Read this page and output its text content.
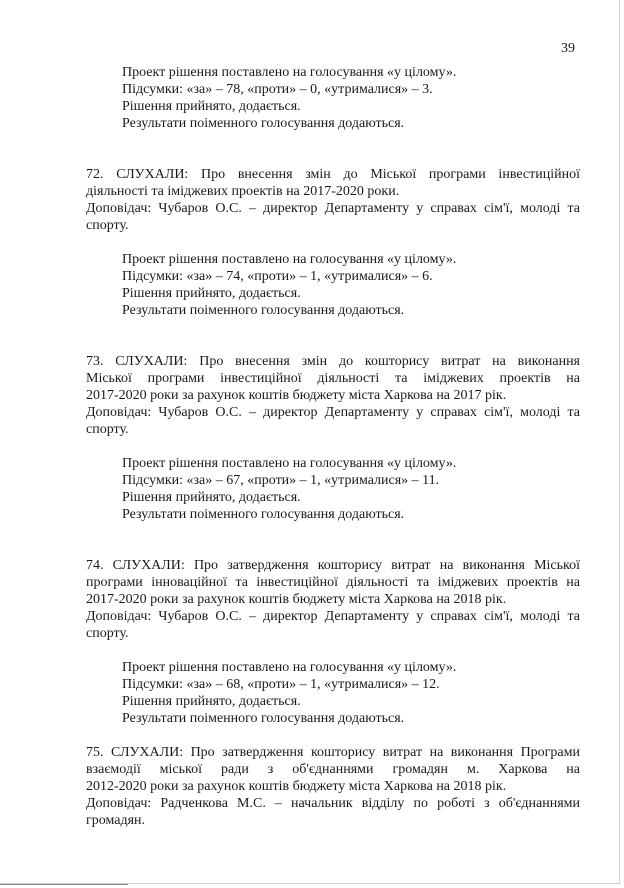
39
Проект рішення поставлено на голосування «у цілому».
Підсумки: «за» – 78, «проти» – 0, «утрималися» – 3.
Рішення прийнято, додається.
Результати поіменного голосування додаються.
72. СЛУХАЛИ: Про внесення змін до Міської програми інвестиційної
діяльності та іміджевих проектів на 2017-2020 роки.
Доповідач: Чубаров О.С. – директор Департаменту у справах сім'ї, молоді та
спорту.
Проект рішення поставлено на голосування «у цілому».
Підсумки: «за» – 74, «проти» – 1, «утрималися» – 6.
Рішення прийнято, додається.
Результати поіменного голосування додаються.
73. СЛУХАЛИ: Про внесення змін до кошторису витрат на виконання
Міської програми інвестиційної діяльності та іміджевих проектів на
2017-2020 роки за рахунок коштів бюджету міста Харкова на 2017 рік.
Доповідач: Чубаров О.С. – директор Департаменту у справах сім'ї, молоді та
спорту.
Проект рішення поставлено на голосування «у цілому».
Підсумки: «за» – 67, «проти» – 1, «утрималися» – 11.
Рішення прийнято, додається.
Результати поіменного голосування додаються.
74. СЛУХАЛИ: Про затвердження кошторису витрат на виконання Міської
програми інноваційної та інвестиційної діяльності та іміджевих проектів на
2017-2020 роки за рахунок коштів бюджету міста Харкова на 2018 рік.
Доповідач: Чубаров О.С. – директор Департаменту у справах сім'ї, молоді та
спорту.
Проект рішення поставлено на голосування «у цілому».
Підсумки: «за» – 68, «проти» – 1, «утрималися» – 12.
Рішення прийнято, додається.
Результати поіменного голосування додаються.
75. СЛУХАЛИ: Про затвердження кошторису витрат на виконання Програми
взаємодії міської ради з об'єднаннями громадян м. Харкова на
2012-2020 роки за рахунок коштів бюджету міста Харкова на 2018 рік.
Доповідач: Радченкова М.С. – начальник відділу по роботі з об'єднаннями
громадян.
